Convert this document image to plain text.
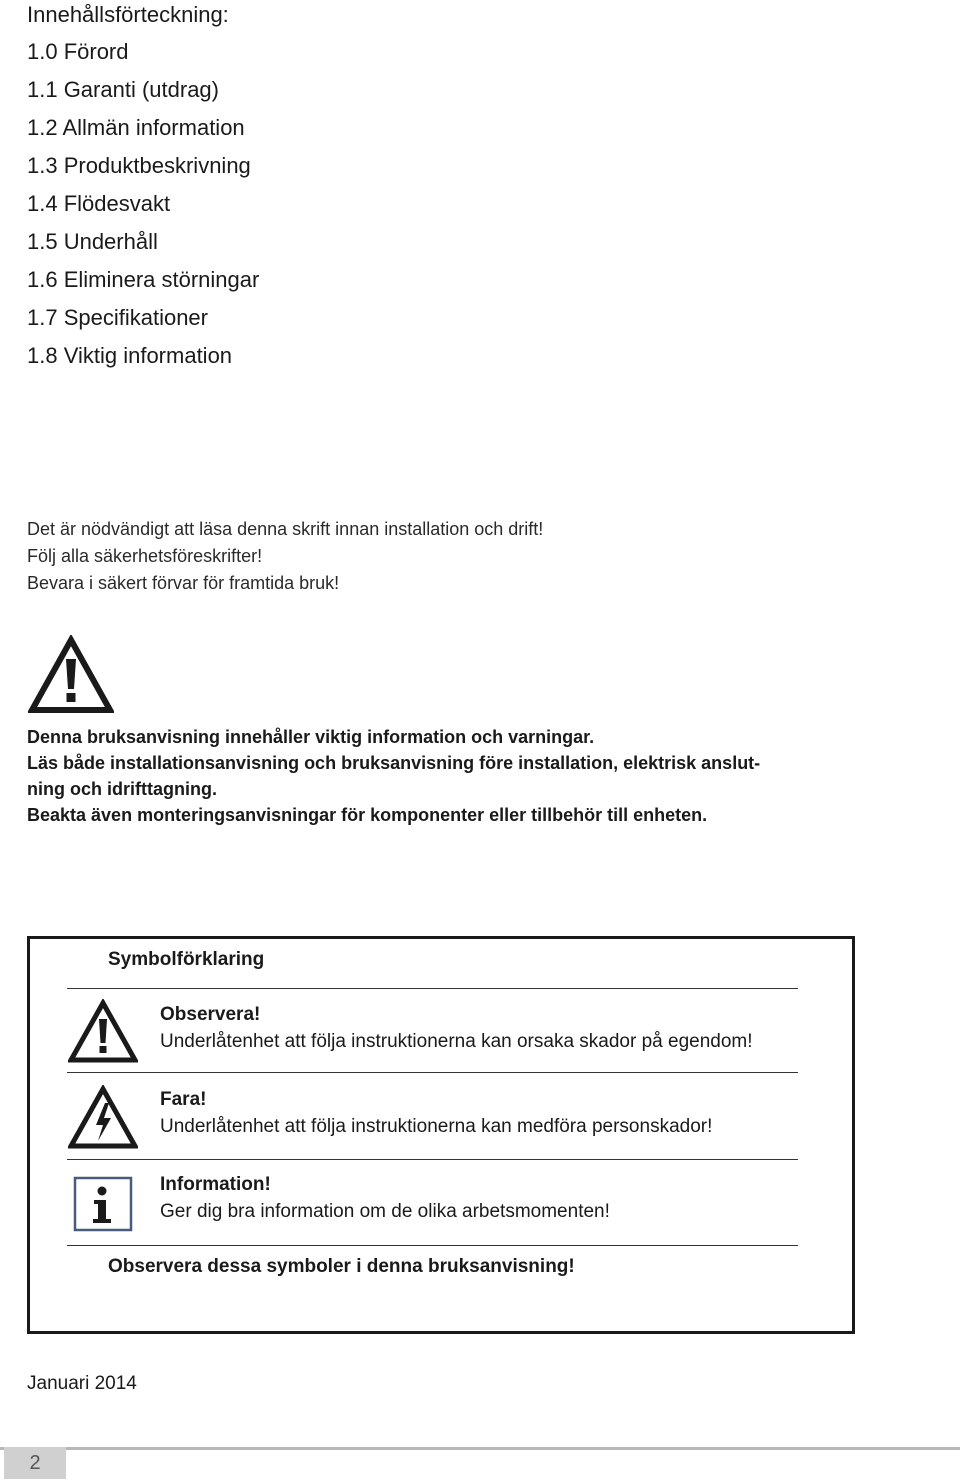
Innehållsförteckning:
1.0 Förord
1.1 Garanti (utdrag)
1.2 Allmän information
1.3 Produktbeskrivning
1.4 Flödesvakt
1.5 Underhåll
1.6 Eliminera störningar
1.7 Specifikationer
1.8 Viktig information
Det är nödvändigt att läsa denna skrift innan installation och drift!
Följ alla säkerhetsföreskrifter!
Bevara i säkert förvar för framtida bruk!
Denna bruksanvisning innehåller viktig information och varningar.
Läs både installationsanvisning och bruksanvisning före installation, elektrisk anslut-
ning och idrifttagning.
Beakta även monteringsanvisningar för komponenter eller tillbehör till enheten.
Symbolförklaring
Observera!
Underlåtenhet att följa instruktionerna kan orsaka skador på egendom!
Fara!
Underlåtenhet att följa instruktionerna kan medföra personskador!
Information!
Ger dig bra information om de olika arbetsmomenten!
Observera dessa symboler i denna bruksanvisning!
Januari 2014
2
